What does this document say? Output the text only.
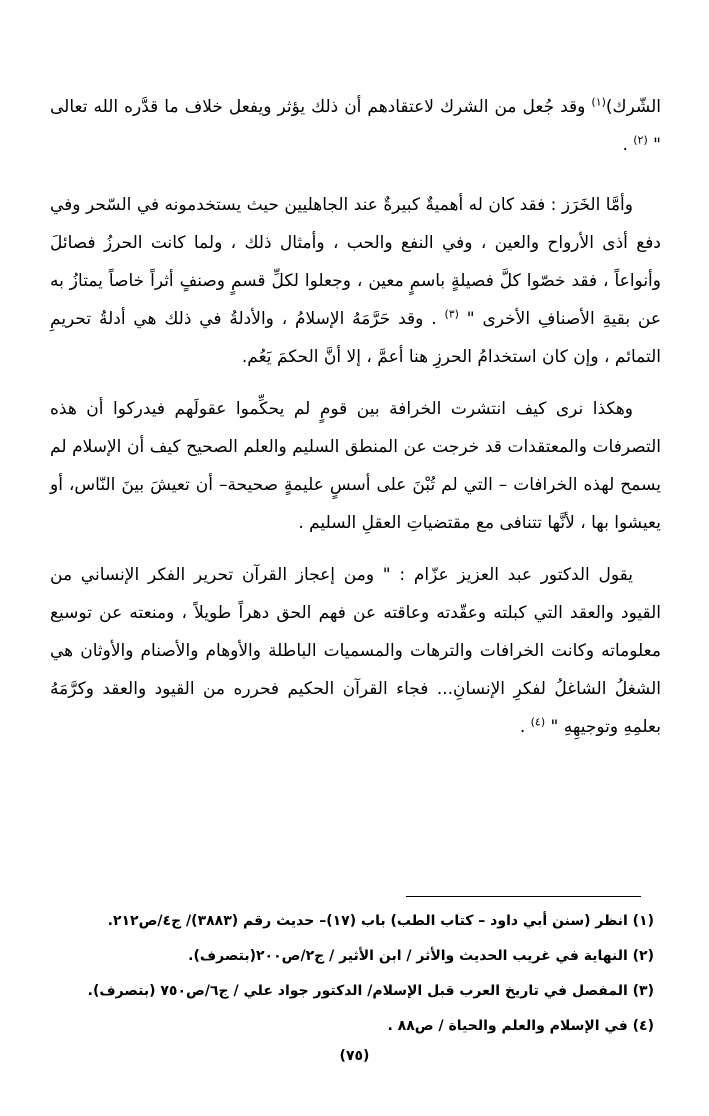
الشّرك)$^{(١)}$ وقد جُعل من الشرك لاعتقادهم أن ذلك يؤثر ويفعل خلاف ما قدَّره الله تعالى " $^{(٢)}$ .

وأمَّا الخَرَز : فقد كان له أهميةٌ كبيرةٌ عند الجاهليين حيث يستخدمونه في السّحر وفي دفع أذى الأرواح والعين ، وفي النفع والحب ، وأمثال ذلك ، ولما كانت الحرزُ فصائلَ وأنواعاً ، فقد خصّوا كلَّ فصيلةٍ باسمٍ معين ، وجعلوا لكلِّ قسمٍ وصنفٍ أثراً خاصاً يمتازُ به عن بقيةِ الأصنافِ الأخرى " $^{(٣)}$ . وقد حَرَّمَهُ الإسلامُ ، والأدلةُ في ذلك هي أدلةُ تحريمِ التمائم ، وإن كان استخدامُ الحرزِ هنا أعمَّ ، إلا أنَّ الحكمَ يَعُم.

وهكذا نرى كيف انتشرت الخرافة بين قومٍ لم يحكِّموا عقولَهم فيدركوا أن هذه التصرفات والمعتقدات قد خرجت عن المنطق السليم والعلم الصحيح كيف أن الإسلام لم يسمح لهذه الخرافات – التي لم تُبْنَ على أسسٍ عليمةٍ صحيحة– أن تعيشَ بينَ النّاس، أو يعيشوا بها ، لأنَّها تتنافى مع مقتضياتِ العقلِ السليم .

يقول الدكتور عبد العزيز عزّام : " ومن إعجاز القرآن تحرير الفكر الإنساني من القيود والعقد التي كبلته وعقّدته وعاقته عن فهم الحق دهراً طويلاً ، ومنعته عن توسيع معلوماته وكانت الخرافات والترهات والمسميات الباطلة والأوهام والأصنام والأوثان هي الشغلُ الشاغلُ لفكرِ الإنسانِ... فجاء القرآن الحكيم فحرره من القيود والعقد وكرَّمَهُ بعلمِهِ وتوجيهِهِ " $^{(٤)}$ .

(١) انظر (سنن أبي داود – كتاب الطب) باب (١٧)– حديث رقم (٣٨٨٣)/ ج٤/ص٢١٢.
(٢) النهاية في غريب الحديث والأثر / ابن الأثير / ج٢/ص٢٠٠(بتصرف).
(٣) المفصل في تاريخ العرب قبل الإسلام/ الدكتور جواد علي / ج٦/ص٧٥٠ (بتصرف).
(٤) في الإسلام والعلم والحياة / ص٨٨ .
(٧٥)
